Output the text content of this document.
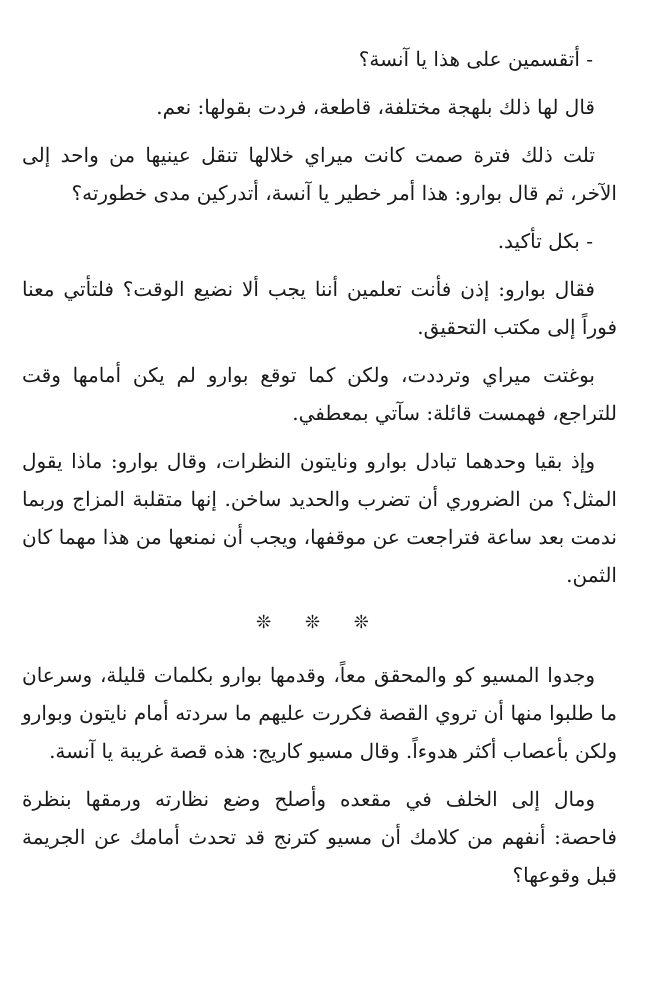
- أتقسمين على هذا يا آنسة؟

قال لها ذلك بلهجة مختلفة، قاطعة، فردت بقولها: نعم.

تلت ذلك فترة صمت كانت ميراي خلالها تنقل عينيها من واحد إلى الآخر، ثم قال بوارو: هذا أمر خطير يا آنسة، أتدركين مدى خطورته؟

- بكل تأكيد.

فقال بوارو: إذن فأنت تعلمين أننا يجب ألا نضيع الوقت؟ فلتأتي معنا فوراً إلى مكتب التحقيق.

بوغتت ميراي وترددت، ولكن كما توقع بوارو لم يكن أمامها وقت للتراجع، فهمست قائلة: سآتي بمعطفي.

وإذ بقيا وحدهما تبادل بوارو ونايتون النظرات، وقال بوارو: ماذا يقول المثل؟ من الضروري أن تضرب والحديد ساخن. إنها متقلبة المزاج وربما ندمت بعد ساعة فتراجعت عن موقفها، ويجب أن نمنعها من هذا مهما كان الثمن.

❊ ❊ ❊

وجدوا المسيو كو والمحقق معاً، وقدمها بوارو بكلمات قليلة، وسرعان ما طلبوا منها أن تروي القصة فكررت عليهم ما سردته أمام نايتون وبوارو ولكن بأعصاب أكثر هدوءاً. وقال مسيو كاريج: هذه قصة غريبة يا آنسة.

ومال إلى الخلف في مقعده وأصلح وضع نظارته ورمقها بنظرة فاحصة: أنفهم من كلامك أن مسيو كترنج قد تحدث أمامك عن الجريمة قبل وقوعها؟
